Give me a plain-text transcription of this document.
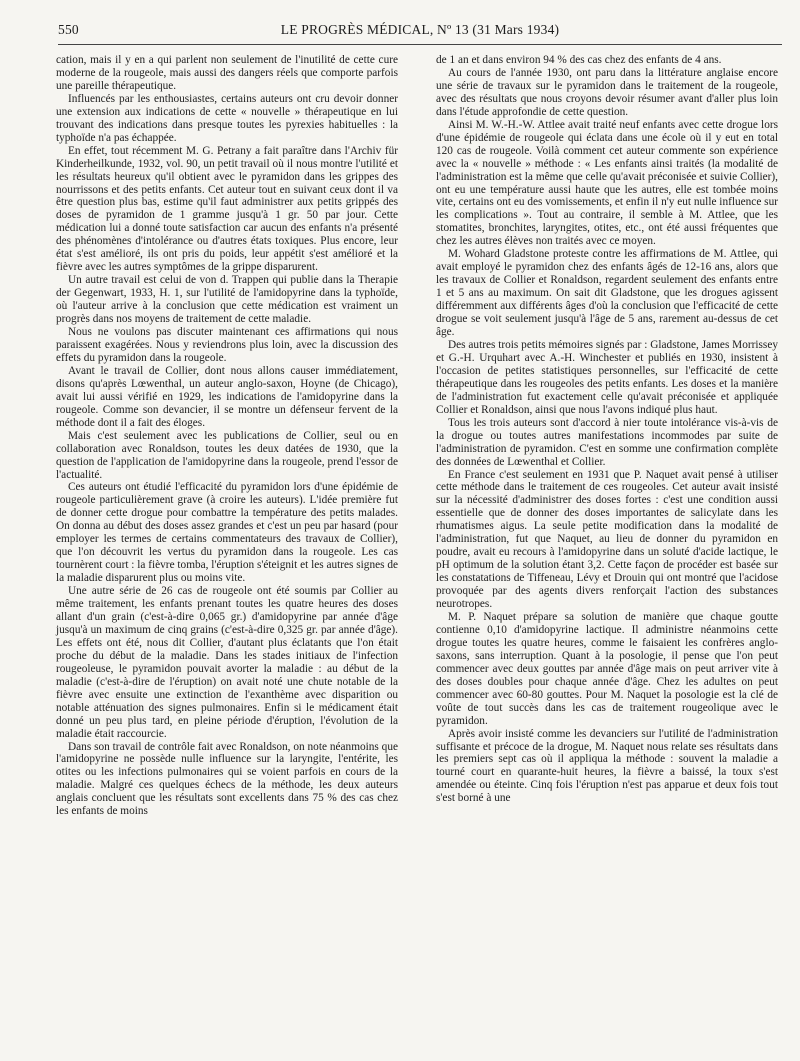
550	LE PROGRÈS MÉDICAL, Nº 13 (31 Mars 1934)

cation, mais il y en a qui parlent non seulement de l'inutilité de cette cure moderne de la rougeole, mais aussi des dangers réels que comporte parfois une pareille thérapeutique.

Influencés par les enthousiastes, certains auteurs ont cru devoir donner une extension aux indications de cette « nouvelle » thérapeutique en lui trouvant des indications dans presque toutes les pyrexies habituelles : la typhoïde n'a pas échappée.

En effet, tout récemment M. G. Petrany a fait paraître dans l'Archiv für Kinderheilkunde, 1932, vol. 90, un petit travail où il nous montre l'utilité et les résultats heureux qu'il obtient avec le pyramidon dans les grippes des nourrissons et des petits enfants. Cet auteur tout en suivant ceux dont il va être question plus bas, estime qu'il faut administrer aux petits grippés des doses de pyramidon de 1 gramme jusqu'à 1 gr. 50 par jour. Cette médication lui a donné toute satisfaction car aucun des enfants n'a présenté des phénomènes d'intolérance ou d'autres états toxiques. Plus encore, leur état s'est amélioré, ils ont pris du poids, leur appétit s'est amélioré et la fièvre avec les autres symptômes de la grippe disparurent.

Un autre travail est celui de von d. Trappen qui publie dans la Therapie der Gegenwart, 1933, H. 1, sur l'utilité de l'amidopyrine dans la typhoïde, où l'auteur arrive à la conclusion que cette médication est vraiment un progrès dans nos moyens de traitement de cette maladie.

Nous ne voulons pas discuter maintenant ces affirmations qui nous paraissent exagérées. Nous y reviendrons plus loin, avec la discussion des effets du pyramidon dans la rougeole.

Avant le travail de Collier, dont nous allons causer immédiatement, disons qu'après Lœwenthal, un auteur anglo-saxon, Hoyne (de Chicago), avait lui aussi vérifié en 1929, les indications de l'amidopyrine dans la rougeole. Comme son devancier, il se montre un défenseur fervent de la méthode dont il a fait des éloges.

Mais c'est seulement avec les publications de Collier, seul ou en collaboration avec Ronaldson, toutes les deux datées de 1930, que la question de l'application de l'amidopyrine dans la rougeole, prend l'essor de l'actualité.

Ces auteurs ont étudié l'efficacité du pyramidon lors d'une épidémie de rougeole particulièrement grave (à croire les auteurs). L'idée première fut de donner cette drogue pour combattre la température des petits malades. On donna au début des doses assez grandes et c'est un peu par hasard (pour employer les termes de certains commentateurs des travaux de Collier), que l'on découvrit les vertus du pyramidon dans la rougeole. Les cas tournèrent court : la fièvre tomba, l'éruption s'éteignit et les autres signes de la maladie disparurent plus ou moins vite.

Une autre série de 26 cas de rougeole ont été soumis par Collier au même traitement, les enfants prenant toutes les quatre heures des doses allant d'un grain (c'est-à-dire 0,065 gr.) d'amidopyrine par année d'âge jusqu'à un maximum de cinq grains (c'est-à-dire 0,325 gr. par année d'âge). Les effets ont été, nous dit Collier, d'autant plus éclatants que l'on était proche du début de la maladie. Dans les stades initiaux de l'infection rougeoleuse, le pyramidon pouvait avorter la maladie : au début de la maladie (c'est-à-dire de l'éruption) on avait noté une chute notable de la fièvre avec ensuite une extinction de l'exanthème avec disparition ou notable atténuation des signes pulmonaires. Enfin si le médicament était donné un peu plus tard, en pleine période d'éruption, l'évolution de la maladie était raccourcie.

Dans son travail de contrôle fait avec Ronaldson, on note néanmoins que l'amidopyrine ne possède nulle influence sur la laryngite, l'entérite, les otites ou les infections pulmonaires qui se voient parfois en cours de la maladie. Malgré ces quelques échecs de la méthode, les deux auteurs anglais concluent que les résultats sont excellents dans 75 % des cas chez les enfants de moins

de 1 an et dans environ 94 % des cas chez des enfants de 4 ans.

Au cours de l'année 1930, ont paru dans la littérature anglaise encore une série de travaux sur le pyramidon dans le traitement de la rougeole, avec des résultats que nous croyons devoir résumer avant d'aller plus loin dans l'étude approfondie de cette question.

Ainsi M. W.-H.-W. Attlee avait traité neuf enfants avec cette drogue lors d'une épidémie de rougeole qui éclata dans une école où il y eut en total 120 cas de rougeole. Voilà comment cet auteur commente son expérience avec la « nouvelle » méthode : « Les enfants ainsi traités (la modalité de l'administration est la même que celle qu'avait préconisée et suivie Collier), ont eu une température aussi haute que les autres, elle est tombée moins vite, certains ont eu des vomissements, et enfin il n'y eut nulle influence sur les complications ». Tout au contraire, il semble à M. Attlee, que les stomatites, bronchites, laryngites, otites, etc., ont été aussi fréquentes que chez les autres élèves non traités avec ce moyen.

M. Wohard Gladstone proteste contre les affirmations de M. Attlee, qui avait employé le pyramidon chez des enfants âgés de 12-16 ans, alors que les travaux de Collier et Ronaldson, regardent seulement des enfants entre 1 et 5 ans au maximum. On sait dit Gladstone, que les drogues agissent différemment aux différents âges d'où la conclusion que l'efficacité de cette drogue se voit seulement jusqu'à l'âge de 5 ans, rarement au-dessus de cet âge.

Des autres trois petits mémoires signés par : Gladstone, James Morrissey et G.-H. Urquhart avec A.-H. Winchester et publiés en 1930, insistent à l'occasion de petites statistiques personnelles, sur l'efficacité de cette thérapeutique dans les rougeoles des petits enfants. Les doses et la manière de l'administration fut exactement celle qu'avait préconisée et appliquée Collier et Ronaldson, ainsi que nous l'avons indiqué plus haut.

Tous les trois auteurs sont d'accord à nier toute intolérance vis-à-vis de la drogue ou toutes autres manifestations incommodes par suite de l'administration de pyramidon. C'est en somme une confirmation complète des données de Lœwenthal et Collier.

En France c'est seulement en 1931 que P. Naquet avait pensé à utiliser cette méthode dans le traitement de ces rougeoles. Cet auteur avait insisté sur la nécessité d'administrer des doses fortes : c'est une condition aussi essentielle que de donner des doses importantes de salicylate dans les rhumatismes aigus. La seule petite modification dans la modalité de l'administration, fut que Naquet, au lieu de donner du pyramidon en poudre, avait eu recours à l'amidopyrine dans un soluté d'acide lactique, le pH optimum de la solution étant 3,2. Cette façon de procéder est basée sur les constatations de Tiffeneau, Lévy et Drouin qui ont montré que l'acidose provoquée par des agents divers renforçait l'action des substances neurotropes.

M. P. Naquet prépare sa solution de manière que chaque goutte contienne 0,10 d'amidopyrine lactique. Il administre néanmoins cette drogue toutes les quatre heures, comme le faisaient les confrères anglo-saxons, sans interruption. Quant à la posologie, il pense que l'on peut commencer avec deux gouttes par année d'âge mais on peut arriver vite à des doses doubles pour chaque année d'âge. Chez les adultes on peut commencer avec 60-80 gouttes. Pour M. Naquet la posologie est la clé de voûte de tout succès dans les cas de traitement rougeolique avec le pyramidon.

Après avoir insisté comme les devanciers sur l'utilité de l'administration suffisante et précoce de la drogue, M. Naquet nous relate ses résultats dans les premiers sept cas où il appliqua la méthode : souvent la maladie a tourné court en quarante-huit heures, la fièvre a baissé, la toux s'est amendée ou éteinte. Cinq fois l'éruption n'est pas apparue et deux fois tout s'est borné à une
